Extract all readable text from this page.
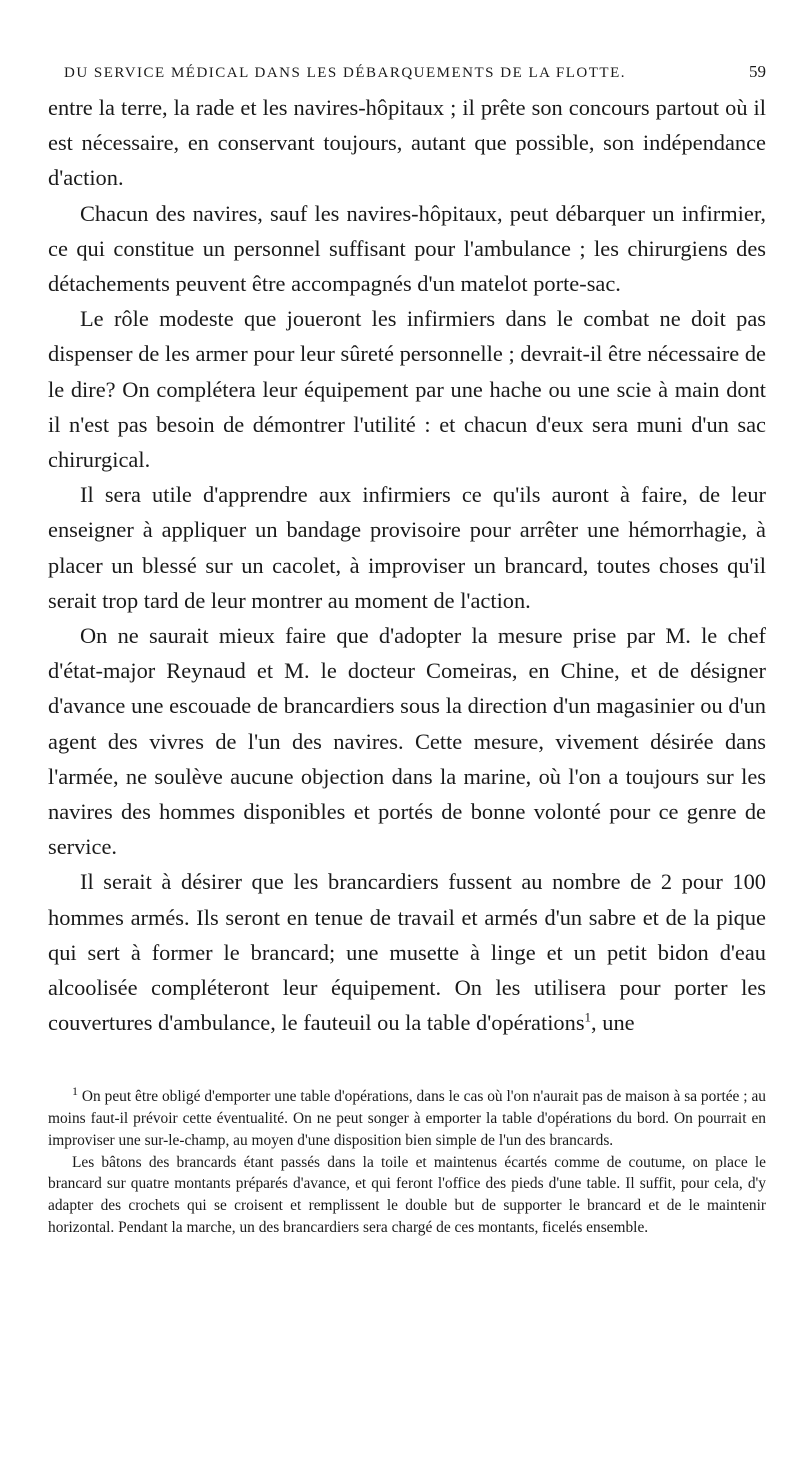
DU SERVICE MÉDICAL DANS LES DÉBARQUEMENTS DE LA FLOTTE.	59

entre la terre, la rade et les navires-hôpitaux ; il prête son concours partout où il est nécessaire, en conservant toujours, autant que possible, son indépendance d'action.

Chacun des navires, sauf les navires-hôpitaux, peut débarquer un infirmier, ce qui constitue un personnel suffisant pour l'ambulance ; les chirurgiens des détachements peuvent être accompagnés d'un matelot porte-sac.

Le rôle modeste que joueront les infirmiers dans le combat ne doit pas dispenser de les armer pour leur sûreté personnelle ; devrait-il être nécessaire de le dire? On complétera leur équipement par une hache ou une scie à main dont il n'est pas besoin de démontrer l'utilité : et chacun d'eux sera muni d'un sac chirurgical.

Il sera utile d'apprendre aux infirmiers ce qu'ils auront à faire, de leur enseigner à appliquer un bandage provisoire pour arrêter une hémorrhagie, à placer un blessé sur un cacolet, à improviser un brancard, toutes choses qu'il serait trop tard de leur montrer au moment de l'action.

On ne saurait mieux faire que d'adopter la mesure prise par M. le chef d'état-major Reynaud et M. le docteur Comeiras, en Chine, et de désigner d'avance une escouade de brancardiers sous la direction d'un magasinier ou d'un agent des vivres de l'un des navires. Cette mesure, vivement désirée dans l'armée, ne soulève aucune objection dans la marine, où l'on a toujours sur les navires des hommes disponibles et portés de bonne volonté pour ce genre de service.

Il serait à désirer que les brancardiers fussent au nombre de 2 pour 100 hommes armés. Ils seront en tenue de travail et armés d'un sabre et de la pique qui sert à former le brancard; une musette à linge et un petit bidon d'eau alcoolisée compléteront leur équipement. On les utilisera pour porter les couvertures d'ambulance, le fauteuil ou la table d'opérations$^1$, une

$^1$ On peut être obligé d'emporter une table d'opérations, dans le cas où l'on n'aurait pas de maison à sa portée ; au moins faut-il prévoir cette éventualité. On ne peut songer à emporter la table d'opérations du bord. On pourrait en improviser une sur-le-champ, au moyen d'une disposition bien simple de l'un des brancards.

Les bâtons des brancards étant passés dans la toile et maintenus écartés comme de coutume, on place le brancard sur quatre montants préparés d'avance, et qui feront l'office des pieds d'une table. Il suffit, pour cela, d'y adapter des crochets qui se croisent et remplissent le double but de supporter le brancard et de le maintenir horizontal. Pendant la marche, un des brancardiers sera chargé de ces montants, ficelés ensemble.
